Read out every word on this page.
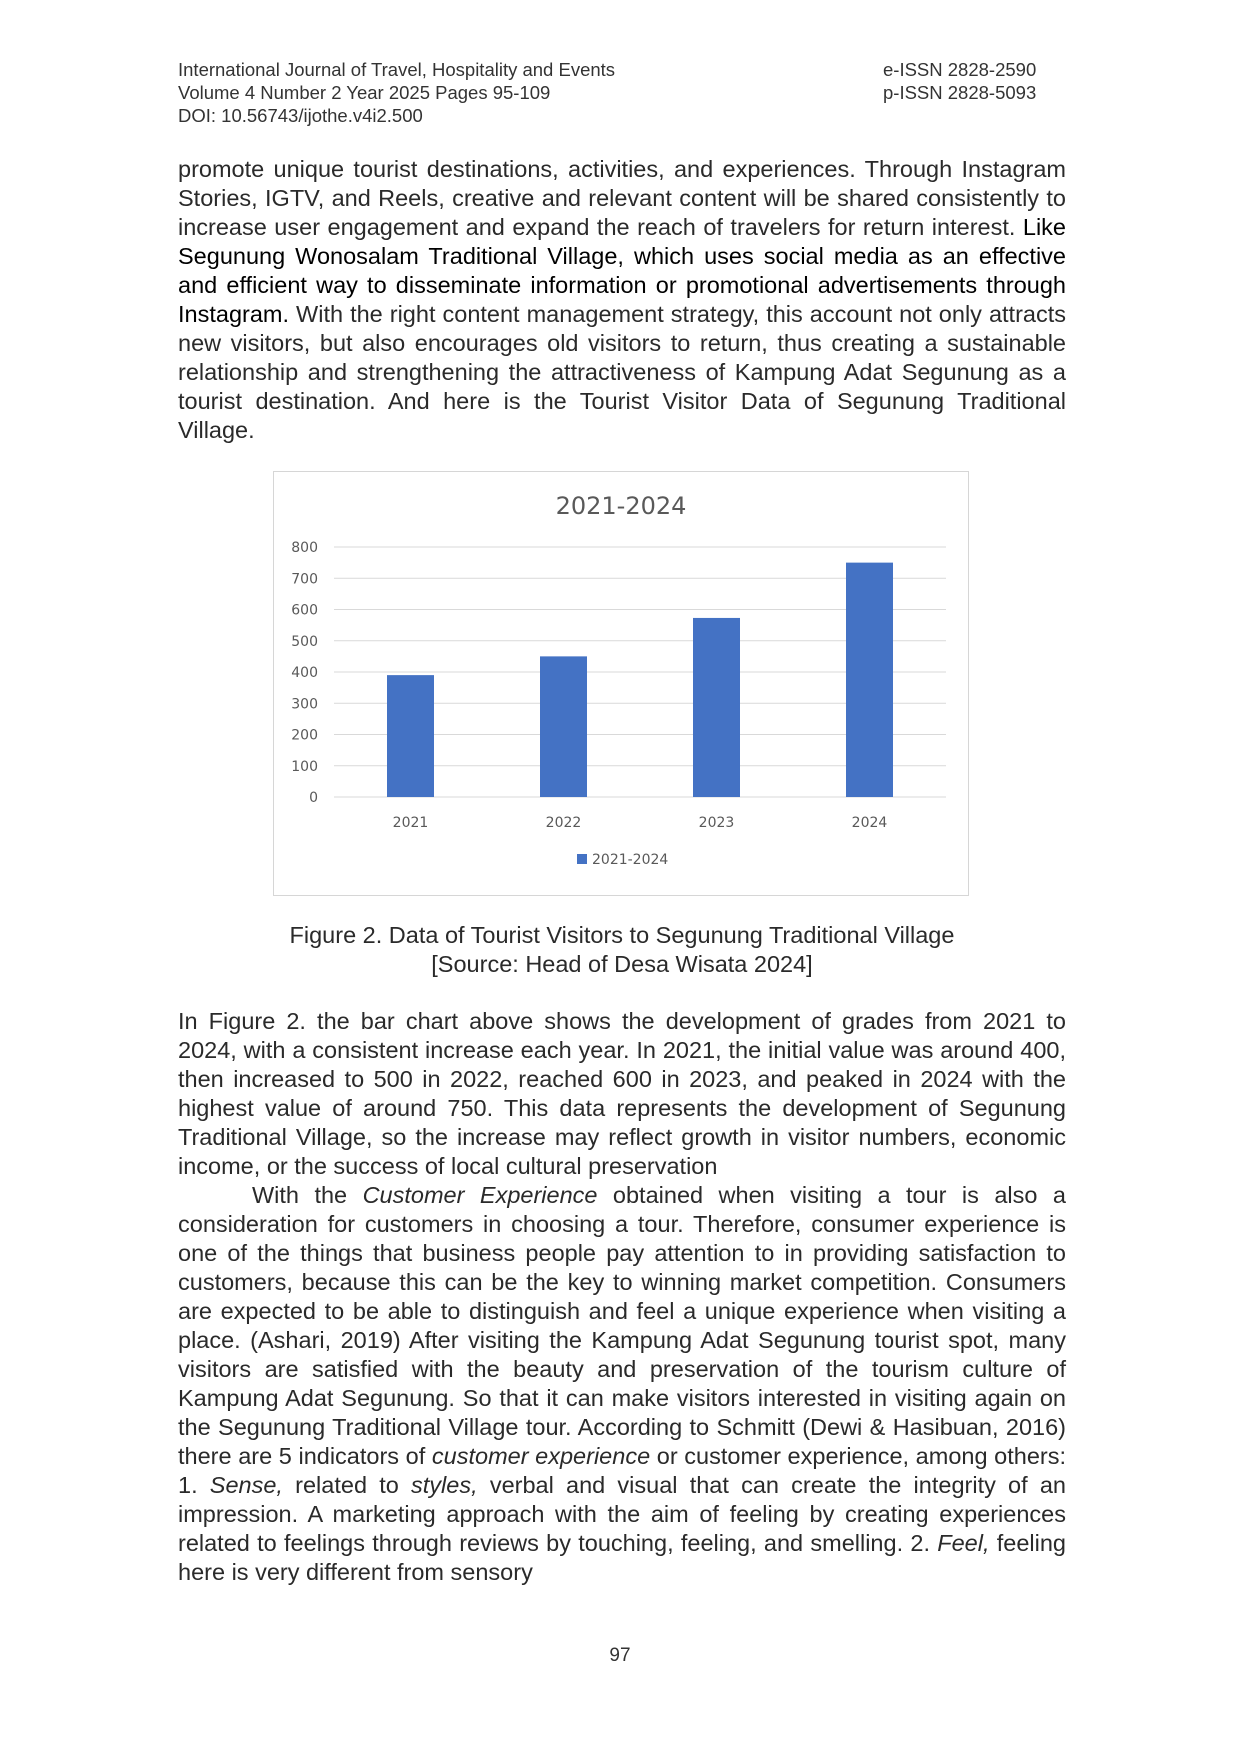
International Journal of Travel, Hospitality and Events	e-ISSN 2828-2590
Volume 4 Number 2 Year 2025 Pages 95-109	p-ISSN 2828-5093
DOI: 10.56743/ijothe.v4i2.500

promote unique tourist destinations, activities, and experiences. Through Instagram Stories, IGTV, and Reels, creative and relevant content will be shared consistently to increase user engagement and expand the reach of travelers for return interest. Like Segunung Wonosalam Traditional Village, which uses social media as an effective and efficient way to disseminate information or promotional advertisements through Instagram. With the right content management strategy, this account not only attracts new visitors, but also encourages old visitors to return, thus creating a sustainable relationship and strengthening the attractiveness of Kampung Adat Segunung as a tourist destination. And here is the Tourist Visitor Data of Segunung Traditional Village.

2021-2024
0
100
200
300
400
500
600
700
800
2021	2022	2023	2024
2021-2024
Figure 2. Data of Tourist Visitors to Segunung Traditional Village
[Source: Head of Desa Wisata 2024]

In Figure 2. the bar chart above shows the development of grades from 2021 to 2024, with a consistent increase each year. In 2021, the initial value was around 400, then increased to 500 in 2022, reached 600 in 2023, and peaked in 2024 with the highest value of around 750. This data represents the development of Segunung Traditional Village, so the increase may reflect growth in visitor numbers, economic income, or the success of local cultural preservation

With the Customer Experience obtained when visiting a tour is also a consideration for customers in choosing a tour. Therefore, consumer experience is one of the things that business people pay attention to in providing satisfaction to customers, because this can be the key to winning market competition. Consumers are expected to be able to distinguish and feel a unique experience when visiting a place. (Ashari, 2019) After visiting the Kampung Adat Segunung tourist spot, many visitors are satisfied with the beauty and preservation of the tourism culture of Kampung Adat Segunung. So that it can make visitors interested in visiting again on the Segunung Traditional Village tour. According to Schmitt (Dewi & Hasibuan, 2016) there are 5 indicators of customer experience or customer experience, among others: 1. Sense, related to styles, verbal and visual that can create the integrity of an impression. A marketing approach with the aim of feeling by creating experiences related to feelings through reviews by touching, feeling, and smelling. 2. Feel, feeling here is very different from sensory

97
